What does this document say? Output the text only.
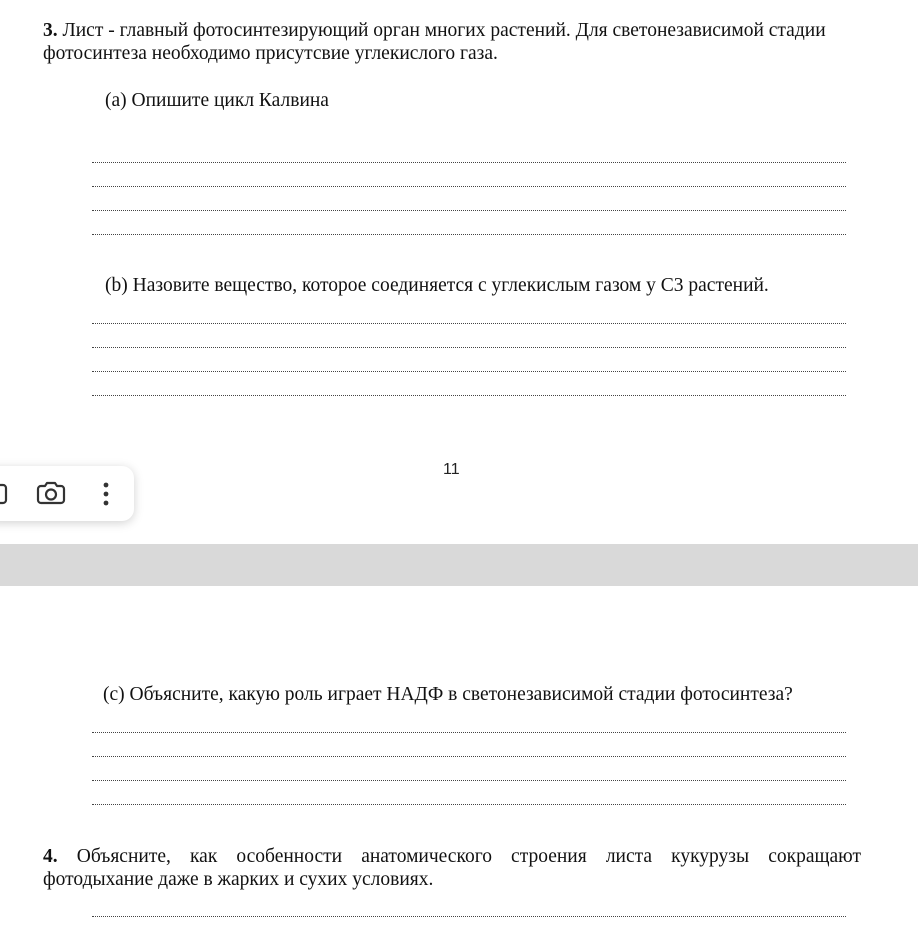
3. Лист - главный фотосинтезирующий орган многих растений. Для светонезависимой стадии
фотосинтеза необходимо присутсвие углекислого газа.
(a) Опишите цикл Калвина
(b) Назовите вещество, которое соединяется с углекислым газом у С3 растений.
11
(c) Объясните, какую роль играет НАДФ в светонезависимой стадии фотосинтеза?
4. Объясните, как особенности анатомического строения листа кукурузы сокращают
фотодыхание даже в жарких и сухих условиях.
